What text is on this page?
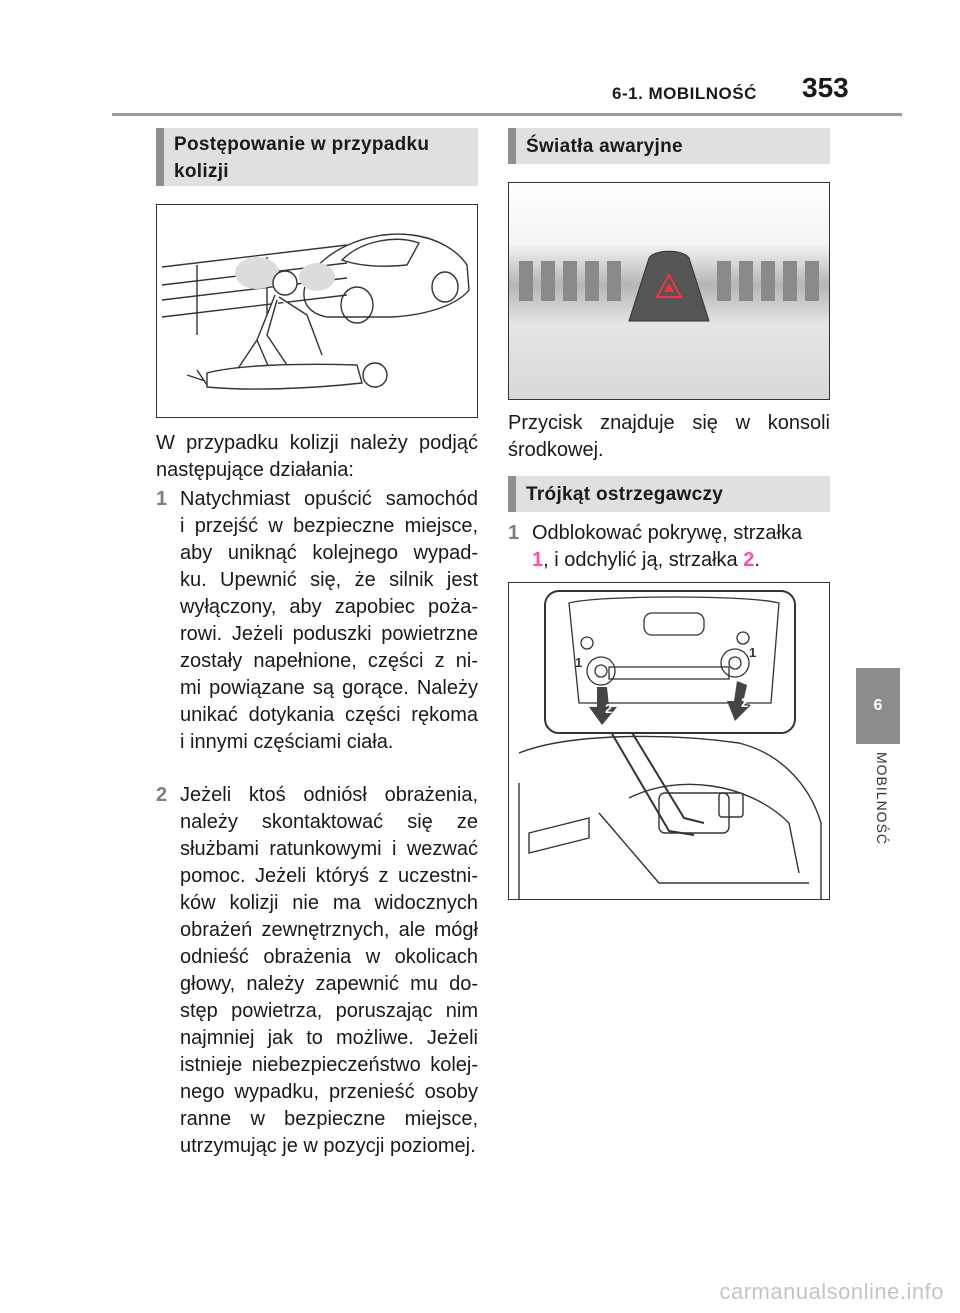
6-1. MOBILNOŚĆ 353
Postępowanie w przypadku
kolizji
W przypadku kolizji należy podjąć
następujące działania:
1 Natychmiast opuścić samochód
i przejść w bezpieczne miejsce,
aby uniknąć kolejnego wypad-
ku. Upewnić się, że silnik jest
wyłączony, aby zapobiec poża-
rowi. Jeżeli poduszki powietrzne
zostały napełnione, części z ni-
mi powiązane są gorące. Należy
unikać dotykania części rękoma
i innymi częściami ciała.
2 Jeżeli ktoś odniósł obrażenia,
należy skontaktować się ze
służbami ratunkowymi i wezwać
pomoc. Jeżeli któryś z uczestni-
ków kolizji nie ma widocznych
obrażeń zewnętrznych, ale mógł
odnieść obrażenia w okolicach
głowy, należy zapewnić mu do-
stęp powietrza, poruszając nim
najmniej jak to możliwe. Jeżeli
istnieje niebezpieczeństwo kolej-
nego wypadku, przenieść osoby
ranne w bezpieczne miejsce,
utrzymując je w pozycji poziomej.
Światła awaryjne
Przycisk znajduje się w konsoli
środkowej.
Trójkąt ostrzegawczy
1 Odblokować pokrywę, strzałka
1, i odchylić ją, strzałka 2.
1
1
2	2	6
MOBILNOŚĆ
carmanualsonline.info
